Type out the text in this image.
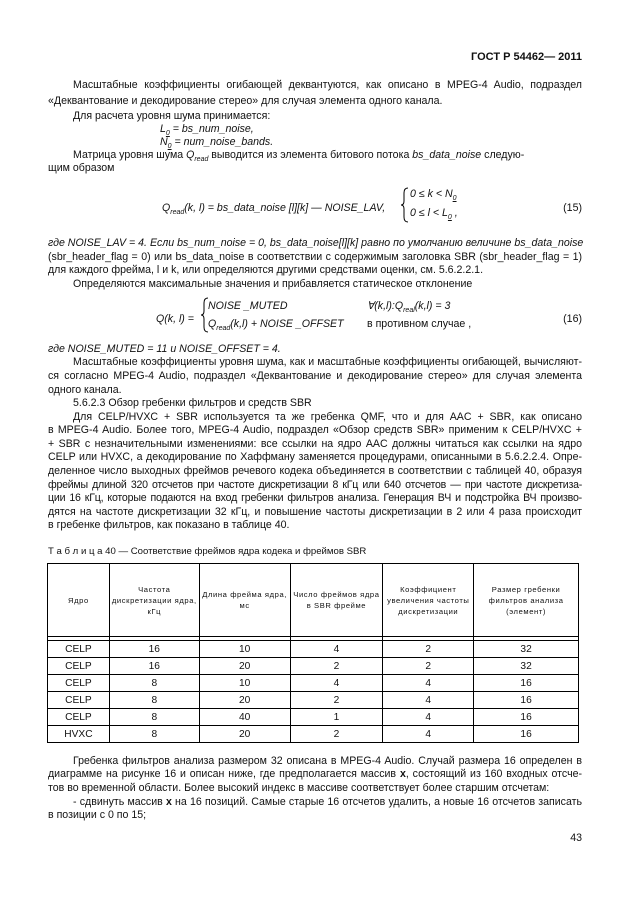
ГОСТ Р 54462— 2011
Масштабные коэффициенты огибающей деквантуются, как описано в MPEG-4 Audio, подраздел
«Деквантование и декодирование стерео» для случая элемента одного канала.
Для расчета уровня шума принимается:
$L_0$ = bs_num_noise,
$N_0$ = num_noise_bands.
Матрица уровня шума $Q_{read}$ выводится из элемента битового потока bs_data_noise следую-
щим образом
$Q_{read}(k$, l) = bs_data_noise [l][k] — NOISE_LAV,
$0 \le k < N_0$
$0 \le l < L_0$ ,	(15)
где NOISE_LAV = 4. Если bs_num_noise = 0, bs_data_noise[l][k] равно по умолчанию величине bs_data_noise
(sbr_header_flag = 0) или bs_data_noise в соответствии с содержимым заголовка SBR (sbr_header_flag = 1)
для каждого фрейма, l и k, или определяются другими средствами оценки, см. 5.6.2.2.1.
Определяются максимальные значения и прибавляется статическое отклонение
Q(k, l) =
NOISE _MUTED	$\forall(k,l):Q_{real}(k,l) = 3$
$Q_{read}(k,l)$ + NOISE _OFFSET в противном случае ,	(16)
где NOISE_MUTED = 11 и NOISE_OFFSET = 4.
Масштабные коэффициенты уровня шума, как и масштабные коэффициенты огибающей, вычисляют-
ся согласно MPEG-4 Audio, подраздел «Деквантование и декодирование стерео» для случая элемента
одного канала.
5.6.2.3 Обзор гребенки фильтров и средств SBR
Для CELP/HVXC + SBR используется та же гребенка QMF, что и для AAC + SBR, как описано
в MPEG-4 Audio. Более того, MPEG-4 Audio, подраздел «Обзор средств SBR» применим к CELP/HVXC +
+ SBR с незначительными изменениями: все ссылки на ядро AAC должны читаться как ссылки на ядро
CELP или HVXC, а декодирование по Хаффману заменяется процедурами, описанными в 5.6.2.2.4. Опре-
деленное число выходных фреймов речевого кодека объединяется в соответствии с таблицей 40, образуя
фреймы длиной 320 отсчетов при частоте дискретизации 8 кГц или 640 отсчетов — при частоте дискретиза-
ции 16 кГц, которые подаются на вход гребенки фильтров анализа. Генерация ВЧ и подстройка ВЧ произво-
дятся на частоте дискретизации 32 кГц, и повышение частоты дискретизации в 2 или 4 раза происходит
в гребенке фильтров, как показано в таблице 40.
Т а б л и ц а 40 — Соответствие фреймов ядра кодека и фреймов SBR
Ядро	Частота дискретизации ядра, кГц	Длина фрейма ядра, мс	Число фреймов ядра в SBR фрейме	Коэффициент увеличения частоты дискретизации	Размер гребенки фильтров анализа (элемент)

CELP	16	10	4	2	32
CELP	16	20	2	2	32
CELP	8	10	4	4	16
CELP	8	20	2	4	16
CELP	8	40	1	4	16
HVXC	8	20	2	4	16
Гребенка фильтров анализа размером 32 описана в MPEG-4 Audio. Случай размера 16 определен в
диаграмме на рисунке 16 и описан ниже, где предполагается массив x, состоящий из 160 входных отсче-
тов во временной области. Более высокий индекс в массиве соответствует более старшим отсчетам:
- сдвинуть массив x на 16 позиций. Самые старые 16 отсчетов удалить, а новые 16 отсчетов записать
в позиции с 0 по 15;
43
